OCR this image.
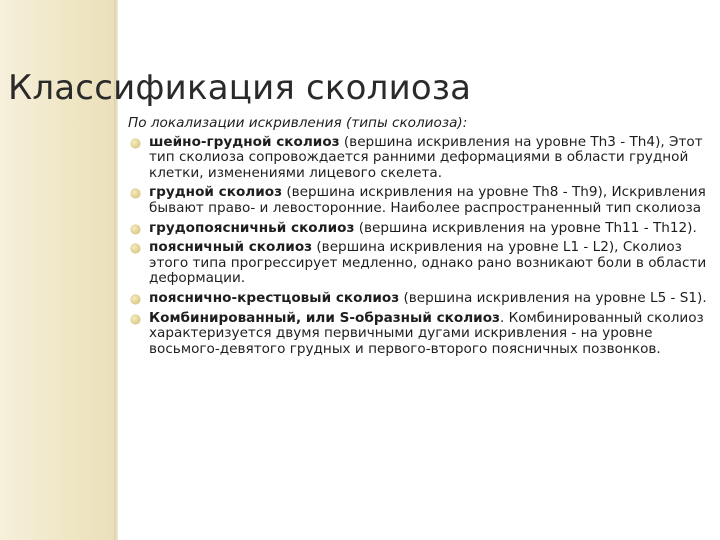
Классификация сколиоза

По локализации искривления (типы сколиоза):

шейно-грудной сколиоз (вершина искривления на уровне Th3 - Th4), Этот тип сколиоза сопровождается ранними деформациями в области грудной клетки, изменениями лицевого скелета.
грудной сколиоз (вершина искривления на уровне Th8 - Th9), Искривления бывают право- и левосторонние. Наиболее распространенный тип сколиоза
грудопоясничньй сколиоз (вершина искривления на уровне Th11 - Th12).
поясничный сколиоз (вершина искривления на уровне L1 - L2), Сколиоз этого типа прогрессирует медленно, однако рано возникают боли в области деформации.
пояснично-крестцовый сколиоз (вершина искривления на уровне L5 - S1).
Комбинированный, или S-образный сколиоз. Комбинированный сколиоз характеризуется двумя первичными дугами искривления - на уровне восьмого-девятого грудных и первого-второго поясничных позвонков.
